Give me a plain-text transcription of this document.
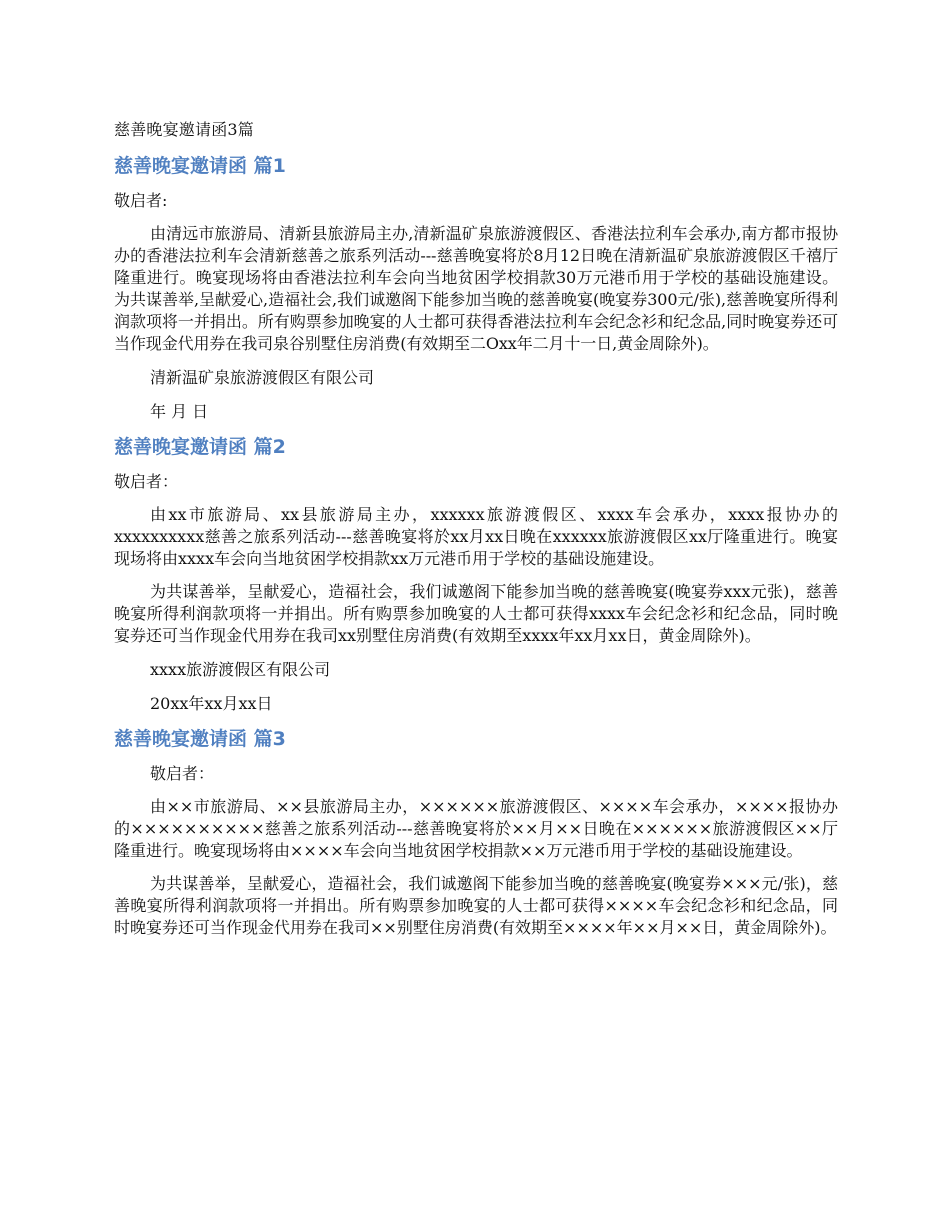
慈善晚宴邀请函3篇
慈善晚宴邀请函 篇1
敬启者:

由清远市旅游局、清新县旅游局主办,清新温矿泉旅游渡假区、香港法拉利车会承办,南方都市报协办的香港法拉利车会清新慈善之旅系列活动---慈善晚宴将於8月12日晚在清新温矿泉旅游渡假区千禧厅隆重进行。晚宴现场将由香港法拉利车会向当地贫困学校捐款30万元港币用于学校的基础设施建设。 为共谋善举,呈献爱心,造福社会,我们诚邀阁下能参加当晚的慈善晚宴(晚宴券300元/张),慈善晚宴所得利润款项将一并捐出。所有购票参加晚宴的人士都可获得香港法拉利车会纪念衫和纪念品,同时晚宴券还可当作现金代用券在我司泉谷别墅住房消费(有效期至二Oxx年二月十一日,黄金周除外)。

清新温矿泉旅游渡假区有限公司
年 月 日
慈善晚宴邀请函 篇2
敬启者：

由xx市旅游局、xx县旅游局主办，xxxxxx旅游渡假区、xxxx车会承办，xxxx报协办的xxxxxxxxxx慈善之旅系列活动---慈善晚宴将於xx月xx日晚在xxxxxx旅游渡假区xx厅隆重进行。晚宴现场将由xxxx车会向当地贫困学校捐款xx万元港币用于学校的基础设施建设。

为共谋善举，呈献爱心，造福社会，我们诚邀阁下能参加当晚的慈善晚宴(晚宴券xxx元张)，慈善晚宴所得利润款项将一并捐出。所有购票参加晚宴的人士都可获得xxxx车会纪念衫和纪念品，同时晚宴券还可当作现金代用券在我司xx别墅住房消费(有效期至xxxx年xx月xx日，黄金周除外)。

xxxx旅游渡假区有限公司
20xx年xx月xx日
慈善晚宴邀请函 篇3
敬启者：

由××市旅游局、××县旅游局主办，××××××旅游渡假区、××××车会承办，××××报协办的××××××××××慈善之旅系列活动---慈善晚宴将於××月××日晚在××××××旅游渡假区××厅隆重进行。晚宴现场将由××××车会向当地贫困学校捐款××万元港币用于学校的基础设施建设。

为共谋善举，呈献爱心，造福社会，我们诚邀阁下能参加当晚的慈善晚宴(晚宴券×××元/张)，慈善晚宴所得利润款项将一并捐出。所有购票参加晚宴的人士都可获得××××车会纪念衫和纪念品，同时晚宴券还可当作现金代用券在我司××别墅住房消费(有效期至××××年××月××日，黄金周除外)。
